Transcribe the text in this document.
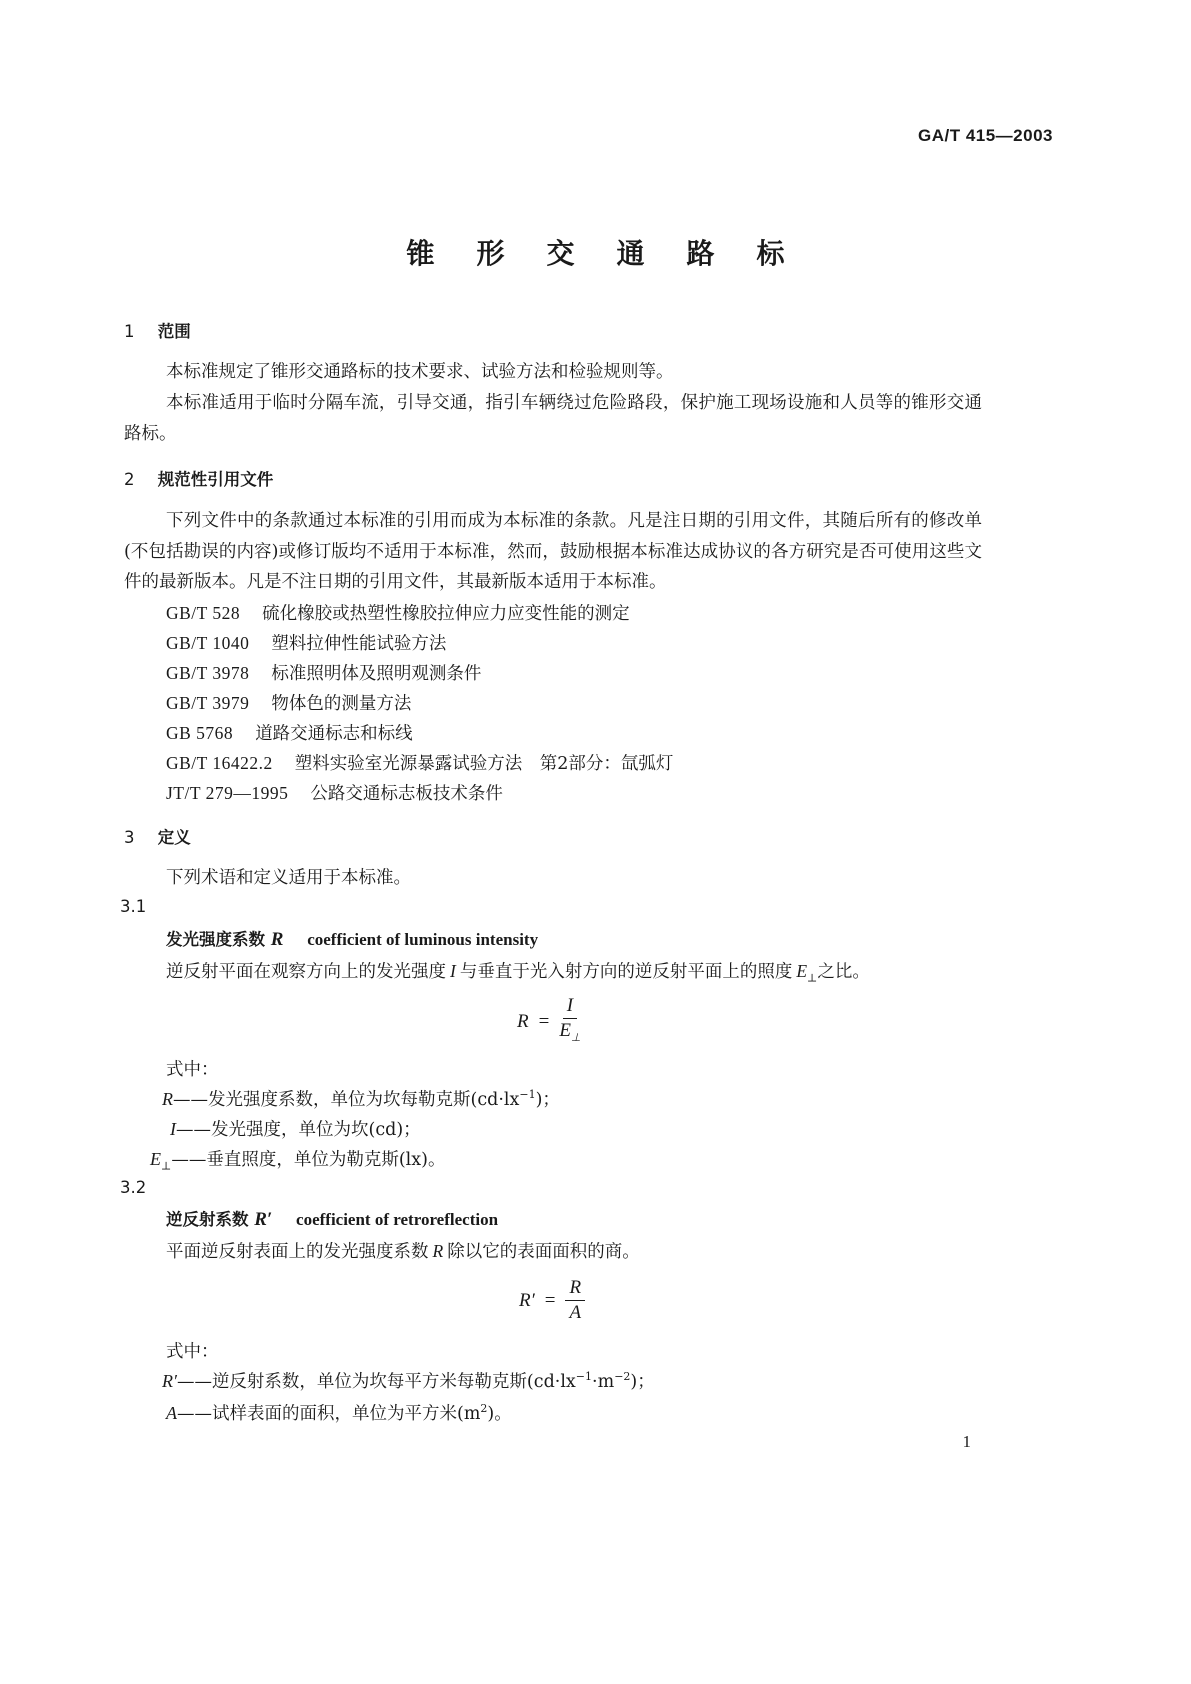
GA/T 415—2003
锥形交通路标
1 范围
本标准规定了锥形交通路标的技术要求、试验方法和检验规则等。
本标准适用于临时分隔车流，引导交通，指引车辆绕过危险路段，保护施工现场设施和人员等的锥形交通路标。
2 规范性引用文件
下列文件中的条款通过本标准的引用而成为本标准的条款。凡是注日期的引用文件，其随后所有的修改单(不包括勘误的内容)或修订版均不适用于本标准，然而，鼓励根据本标准达成协议的各方研究是否可使用这些文件的最新版本。凡是不注日期的引用文件，其最新版本适用于本标准。
GB/T 528 硫化橡胶或热塑性橡胶拉伸应力应变性能的测定
GB/T 1040 塑料拉伸性能试验方法
GB/T 3978 标准照明体及照明观测条件
GB/T 3979 物体色的测量方法
GB 5768 道路交通标志和标线
GB/T 16422.2 塑料实验室光源暴露试验方法　第2部分：氙弧灯
JT/T 279—1995 公路交通标志板技术条件
3 定义
下列术语和定义适用于本标准。
3.1
发光强度系数 R coefficient of luminous intensity
逆反射平面在观察方向上的发光强度 I 与垂直于光入射方向的逆反射平面上的照度 $E_\perp$之比。
$R = \frac{I}{E_\perp}$
式中：
R——发光强度系数，单位为坎每勒克斯$(cd\cdot lx^{-1})$；
I——发光强度，单位为坎(cd)；
$E_\perp——$垂直照度，单位为勒克斯(lx)。
3.2
逆反射系数 R′ coefficient of retroreflection
平面逆反射表面上的发光强度系数 R 除以它的表面面积的商。
$R' = \frac{R}{A}$
式中：
R′——逆反射系数，单位为坎每平方米每勒克斯$(cd\cdot lx^{-1}\cdot m^{-2})$；
A——试样表面的面积，单位为平方米$(m^2)$。
1
